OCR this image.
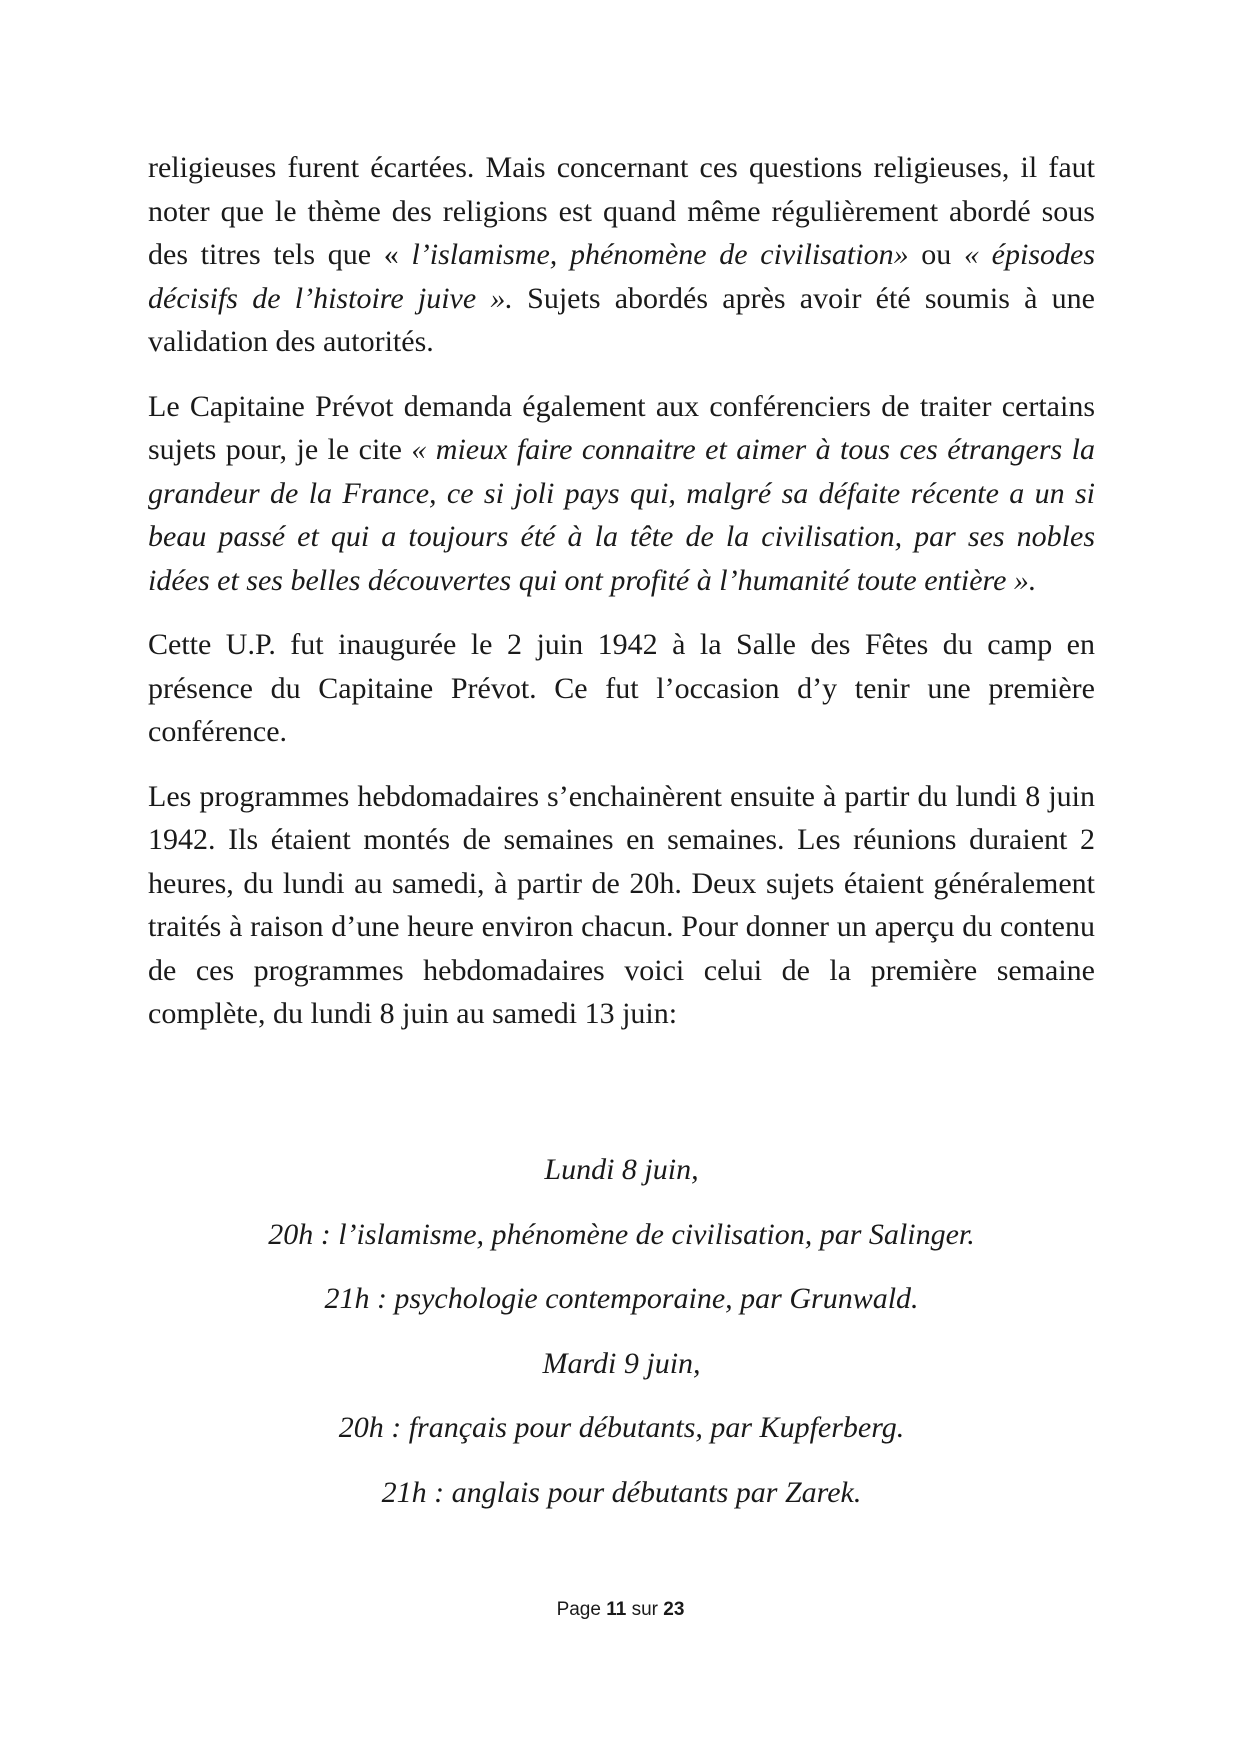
religieuses furent écartées. Mais concernant ces questions religieuses, il faut noter que le thème des religions est quand même régulièrement abordé sous des titres tels que « l’islamisme, phénomène de civilisation» ou « épisodes décisifs de l’histoire juive ». Sujets abordés après avoir été soumis à une validation des autorités.

Le Capitaine Prévot demanda également aux conférenciers de traiter certains sujets pour, je le cite « mieux faire connaitre et aimer à tous ces étrangers la grandeur de la France, ce si joli pays qui, malgré sa défaite récente a un si beau passé et qui a toujours été à la tête de la civilisation, par ses nobles idées et ses belles découvertes qui ont profité à l’humanité toute entière ».

Cette U.P. fut inaugurée le 2 juin 1942 à la Salle des Fêtes du camp en présence du Capitaine Prévot. Ce fut l’occasion d’y tenir une première conférence.

Les programmes hebdomadaires s’enchainèrent ensuite à partir du lundi 8 juin 1942. Ils étaient montés de semaines en semaines. Les réunions duraient 2 heures, du lundi au samedi, à partir de 20h. Deux sujets étaient généralement traités à raison d’une heure environ chacun. Pour donner un aperçu du contenu de ces programmes hebdomadaires voici celui de la première semaine complète, du lundi 8 juin au samedi 13 juin:

Lundi 8 juin,
20h : l’islamisme, phénomène de civilisation, par Salinger.
21h : psychologie contemporaine, par Grunwald.
Mardi 9 juin,
20h : français pour débutants, par Kupferberg.
21h : anglais pour débutants par Zarek.
Page 11 sur 23
